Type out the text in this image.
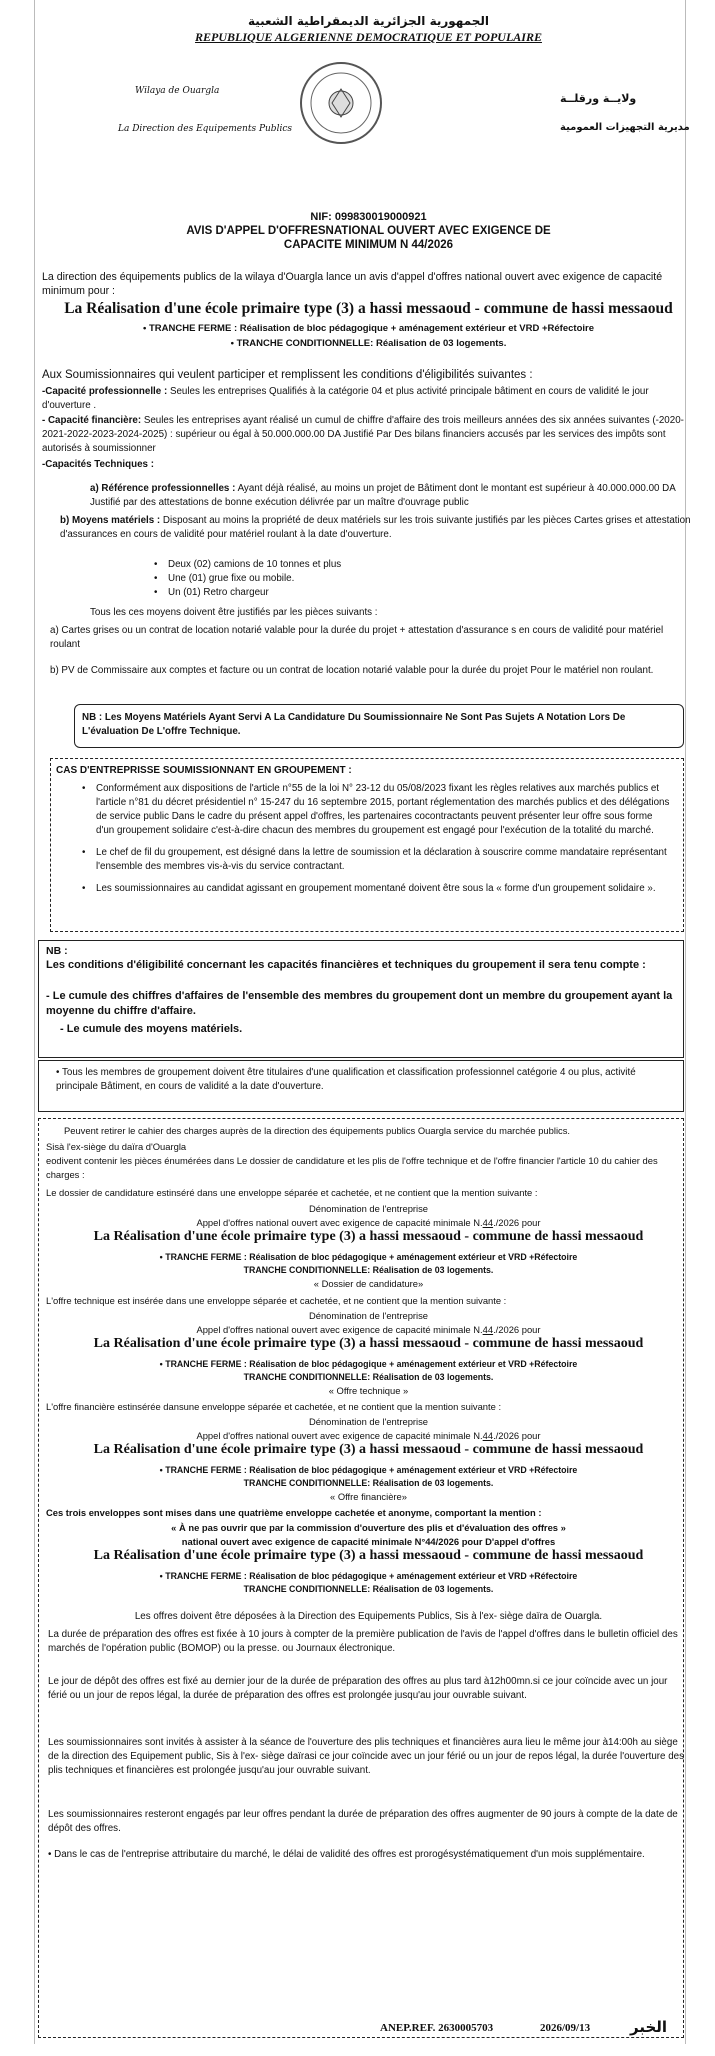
الجمهورية الجزائرية الديمقراطية الشعبية
REPUBLIQUE ALGERIENNE DEMOCRATIQUE ET POPULAIRE
Wilaya de Ouargla
La Direction des Equipements Publics
ولايــة ورقلــة
مديرية التجهيزات العمومية
NIF: 099830019000921
AVIS D'APPEL D'OFFRESNATIONAL OUVERT AVEC EXIGENCE DE
CAPACITE MINIMUM N 44/2026
La direction des équipements publics de la wilaya d'Ouargla lance un avis d'appel d'offres national ouvert avec exigence de capacité minimum pour :
La Réalisation d'une école primaire type (3) a hassi messaoud - commune de hassi messaoud
• TRANCHE FERME : Réalisation de bloc pédagogique + aménagement extérieur et VRD +Réfectoire
• TRANCHE CONDITIONNELLE: Réalisation de 03 logements.
Aux Soumissionnaires qui veulent participer et remplissent les conditions d'éligibilités suivantes :
-Capacité professionnelle : Seules les entreprises Qualifiés à la catégorie 04 et plus activité principale bâtiment en cours de validité le jour d'ouverture .
- Capacité financière: Seules les entreprises ayant réalisé un cumul de chiffre d'affaire des trois meilleurs années des six années suivantes (-2020-2021-2022-2023-2024-2025) : supérieur ou égal à 50.000.000.00 DA Justifié Par Des bilans financiers accusés par les services des impôts sont autorisés à soumissionner
-Capacités Techniques :
a) Référence professionnelles : Ayant déjà réalisé, au moins un projet de Bâtiment dont le montant est supérieur à 40.000.000.00 DA Justifié par des attestations de bonne exécution délivrée par un maître d'ouvrage public
b) Moyens matériels : Disposant au moins la propriété de deux matériels sur les trois suivante justifiés par les pièces Cartes grises et attestation d'assurances en cours de validité pour matériel roulant à la date d'ouverture.
• Deux (02) camions de 10 tonnes et plus
• Une (01) grue fixe ou mobile.
• Un (01) Retro chargeur
Tous les ces moyens doivent être justifiés par les pièces suivants :
a) Cartes grises ou un contrat de location notarié valable pour la durée du projet + attestation d'assurance s en cours de validité pour matériel roulant
b) PV de Commissaire aux comptes et facture ou un contrat de location notarié valable pour la durée du projet Pour le matériel non roulant.
NB : Les Moyens Matériels Ayant Servi A La Candidature Du Soumissionnaire Ne Sont Pas Sujets A Notation Lors De L'évaluation De L'offre Technique.
CAS D'ENTREPRISSE SOUMISSIONNANT EN GROUPEMENT :
• Conformément aux dispositions de l'article n°55 de la loi N° 23-12 du 05/08/2023 fixant les règles relatives aux marchés publics et l'article n°81 du décret présidentiel n° 15-247 du 16 septembre 2015, portant réglementation des marchés publics et des délégations de service public Dans le cadre du présent appel d'offres, les partenaires cocontractants peuvent présenter leur offre sous forme d'un groupement solidaire c'est-à-dire chacun des membres du groupement est engagé pour l'exécution de la totalité du marché.
• Le chef de fil du groupement, est désigné dans la lettre de soumission et la déclaration à souscrire comme mandataire représentant l'ensemble des membres vis-à-vis du service contractant.
• Les soumissionnaires au candidat agissant en groupement momentané doivent être sous la « forme d'un groupement solidaire ».
NB :
Les conditions d'éligibilité concernant les capacités financières et techniques du groupement il sera tenu compte :
- Le cumule des chiffres d'affaires de l'ensemble des membres du groupement dont un membre du groupement ayant la moyenne du chiffre d'affaire.
- Le cumule des moyens matériels.
• Tous les membres de groupement doivent être titulaires d'une qualification et classification professionnel catégorie 4 ou plus, activité principale Bâtiment, en cours de validité a la date d'ouverture.
Peuvent retirer le cahier des charges auprès de la direction des équipements publics Ouargla service du marchée publics.
Sisà l'ex-siège du daïra d'Ouargla
eodivent contenir les pièces énumérées dans Le dossier de candidature et les plis de l'offre technique et de l'offre financier l'article 10 du cahier des charges :
Le dossier de candidature estinséré dans une enveloppe séparée et cachetée, et ne contient que la mention suivante :
Dénomination de l'entreprise
Appel d'offres national ouvert avec exigence de capacité minimale N.44./2026 pour
La Réalisation d'une école primaire type (3) a hassi messaoud - commune de hassi messaoud
• TRANCHE FERME : Réalisation de bloc pédagogique + aménagement extérieur et VRD +Réfectoire
TRANCHE CONDITIONNELLE: Réalisation de 03 logements.
« Dossier de candidature»
L'offre technique est insérée dans une enveloppe séparée et cachetée, et ne contient que la mention suivante :
Dénomination de l'entreprise
Appel d'offres national ouvert avec exigence de capacité minimale N.44./2026 pour
La Réalisation d'une école primaire type (3) a hassi messaoud - commune de hassi messaoud
• TRANCHE FERME : Réalisation de bloc pédagogique + aménagement extérieur et VRD +Réfectoire
TRANCHE CONDITIONNELLE: Réalisation de 03 logements.
« Offre technique »
L'offre financière estinsérée dansune enveloppe séparée et cachetée, et ne contient que la mention suivante :
Dénomination de l'entreprise
Appel d'offres national ouvert avec exigence de capacité minimale N.44./2026 pour
La Réalisation d'une école primaire type (3) a hassi messaoud - commune de hassi messaoud
• TRANCHE FERME : Réalisation de bloc pédagogique + aménagement extérieur et VRD +Réfectoire
TRANCHE CONDITIONNELLE: Réalisation de 03 logements.
« Offre financière»
Ces trois enveloppes sont mises dans une quatrième enveloppe cachetée et anonyme, comportant la mention :
« À ne pas ouvrir que par la commission d'ouverture des plis et d'évaluation des offres »
national ouvert avec exigence de capacité minimale N°44/2026 pour D'appel d'offres
La Réalisation d'une école primaire type (3) a hassi messaoud - commune de hassi messaoud
• TRANCHE FERME : Réalisation de bloc pédagogique + aménagement extérieur et VRD +Réfectoire
TRANCHE CONDITIONNELLE: Réalisation de 03 logements.
Les offres doivent être déposées à la Direction des Equipements Publics, Sis à l'ex- siège daïra de Ouargla.
La durée de préparation des offres est fixée à 10 jours à compter de la première publication de l'avis de l'appel d'offres dans le bulletin officiel des marchés de l'opération public (BOMOP) ou la presse. ou Journaux électronique.
Le jour de dépôt des offres est fixé au dernier jour de la durée de préparation des offres au plus tard à12h00mn.si ce jour coïncide avec un jour férié ou un jour de repos légal, la durée de préparation des offres est prolongée jusqu'au jour ouvrable suivant.
Les soumissionnaires sont invités à assister à la séance de l'ouverture des plis techniques et financières aura lieu le même jour à14:00h au siège de la direction des Equipement public, Sis à l'ex- siège daïrasi ce jour coïncide avec un jour férié ou un jour de repos légal, la durée l'ouverture des plis techniques et financières est prolongée jusqu'au jour ouvrable suivant.
Les soumissionnaires resteront engagés par leur offres pendant la durée de préparation des offres augmenter de 90 jours à compte de la date de dépôt des offres.
• Dans le cas de l'entreprise attributaire du marché, le délai de validité des offres est prorogésystématiquement d'un mois supplémentaire.
ANEP.REF. 2630005703	2026/09/13	الخبر
